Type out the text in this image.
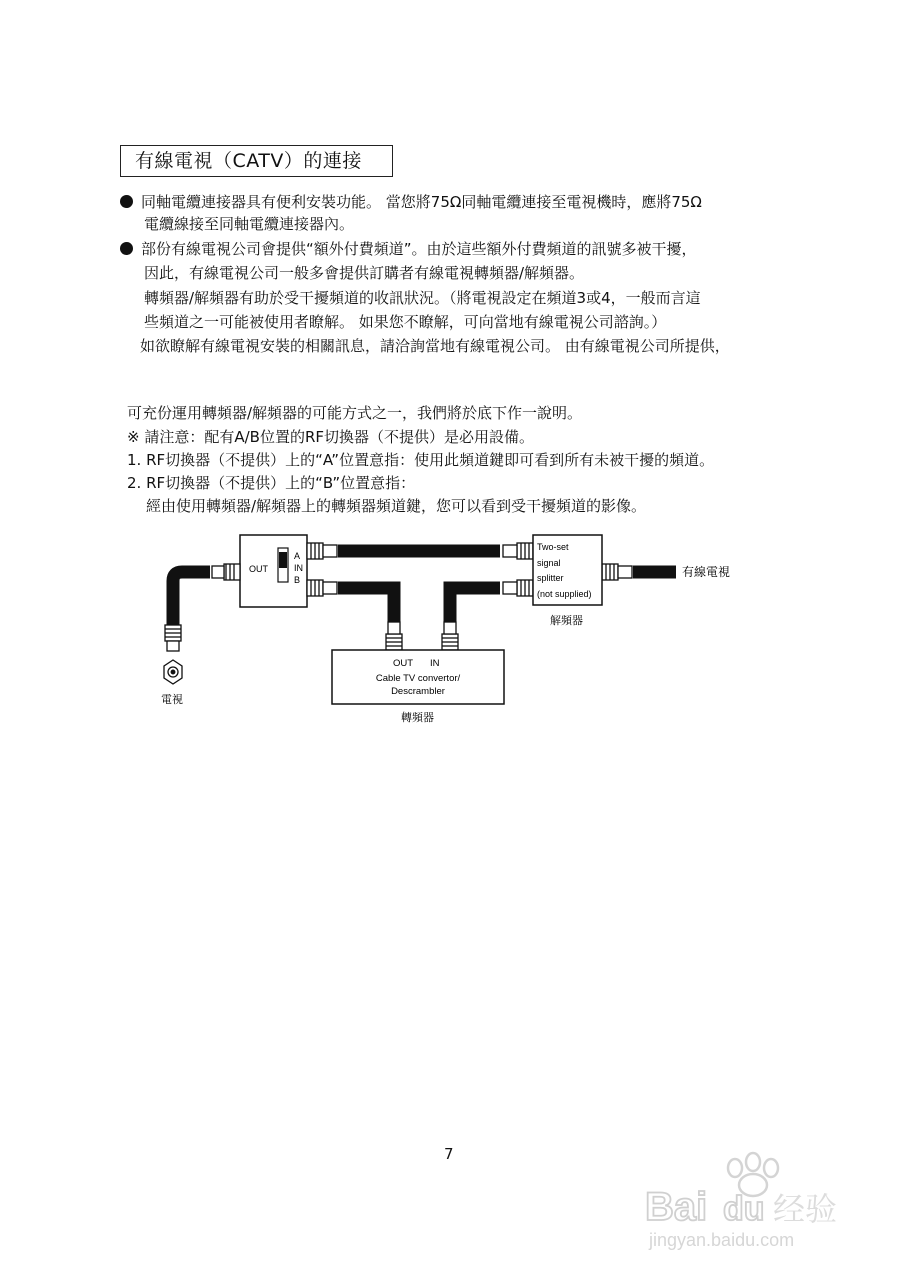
有線電視（CATV）的連接
同軸電纜連接器具有便利安裝功能。 當您將75Ω同軸電纜連接至電視機時，應將75Ω
電纜線接至同軸電纜連接器內。
部份有線電視公司會提供“額外付費頻道”。由於這些額外付費頻道的訊號多被干擾，
因此，有線電視公司一般多會提供訂購者有線電視轉頻器/解頻器。
轉頻器/解頻器有助於受干擾頻道的收訊狀況。（將電視設定在頻道3或4，一般而言這
些頻道之一可能被使用者瞭解。 如果您不瞭解，可向當地有線電視公司諮詢。）
如欲瞭解有線電視安裝的相關訊息，請洽詢當地有線電視公司。 由有線電視公司所提供，
可充份運用轉頻器/解頻器的可能方式之一，我們將於底下作一說明。
※ 請注意：配有A/B位置的RF切換器（不提供）是必用設備。
1. RF切換器（不提供）上的“A”位置意指：使用此頻道鍵即可看到所有未被干擾的頻道。
2. RF切換器（不提供）上的“B”位置意指：
經由使用轉頻器/解頻器上的轉頻器頻道鍵，您可以看到受干擾頻道的影像。
OUT
A
IN
B
電視
Two-set
signal
splitter
(not supplied)
解頻器
有線電視
OUT IN
Cable TV convertor/
Descrambler
轉頻器
7
Bai du 经验
jingyan.baidu.com
